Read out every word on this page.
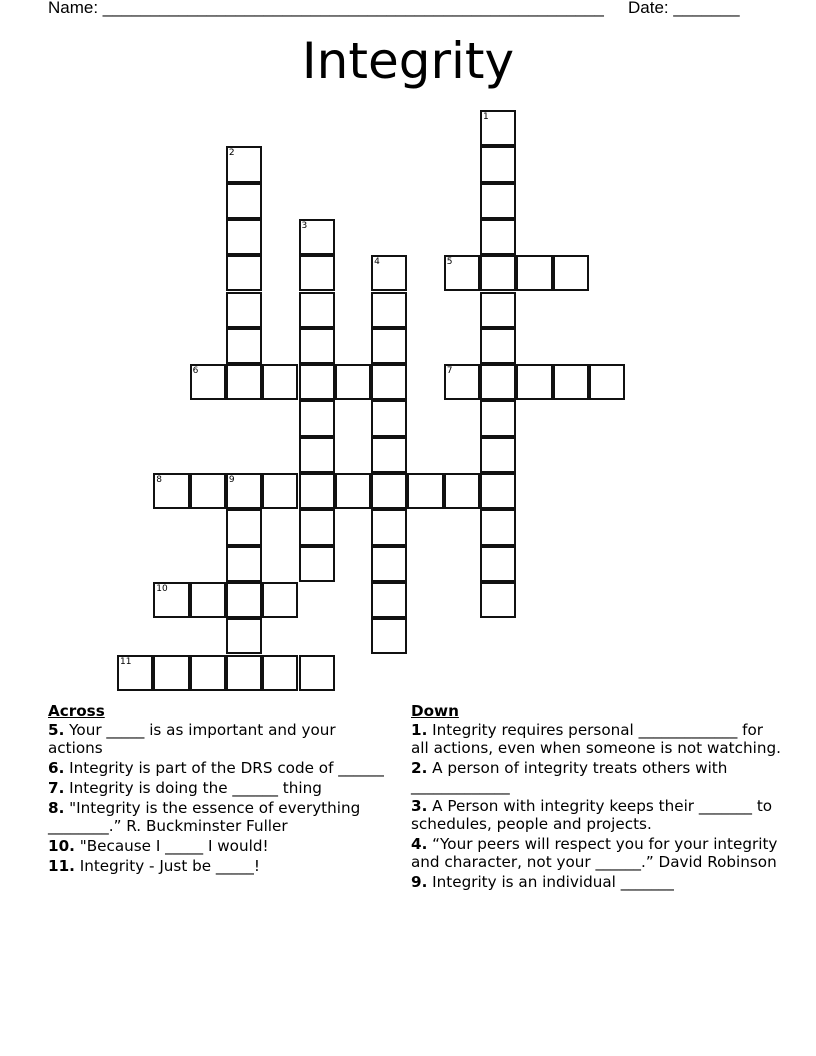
Name: _____________________________________________________ Date: _______
Integrity
1
2
3
4	5
6	7
8	9
10
11
Across
5. Your _____ is as important and your actions
6. Integrity is part of the DRS code of ______
7. Integrity is doing the ______ thing
8. "Integrity is the essence of everything ________.” R. Buckminster Fuller
10. "Because I _____ I would!
11. Integrity - Just be _____!
Down
1. Integrity requires personal _____________ for all actions, even when someone is not watching.
2. A person of integrity treats others with _____________
3. A Person with integrity keeps their _______ to schedules, people and projects.
4. “Your peers will respect you for your integrity and character, not your ______.” David Robinson
9. Integrity is an individual _______
